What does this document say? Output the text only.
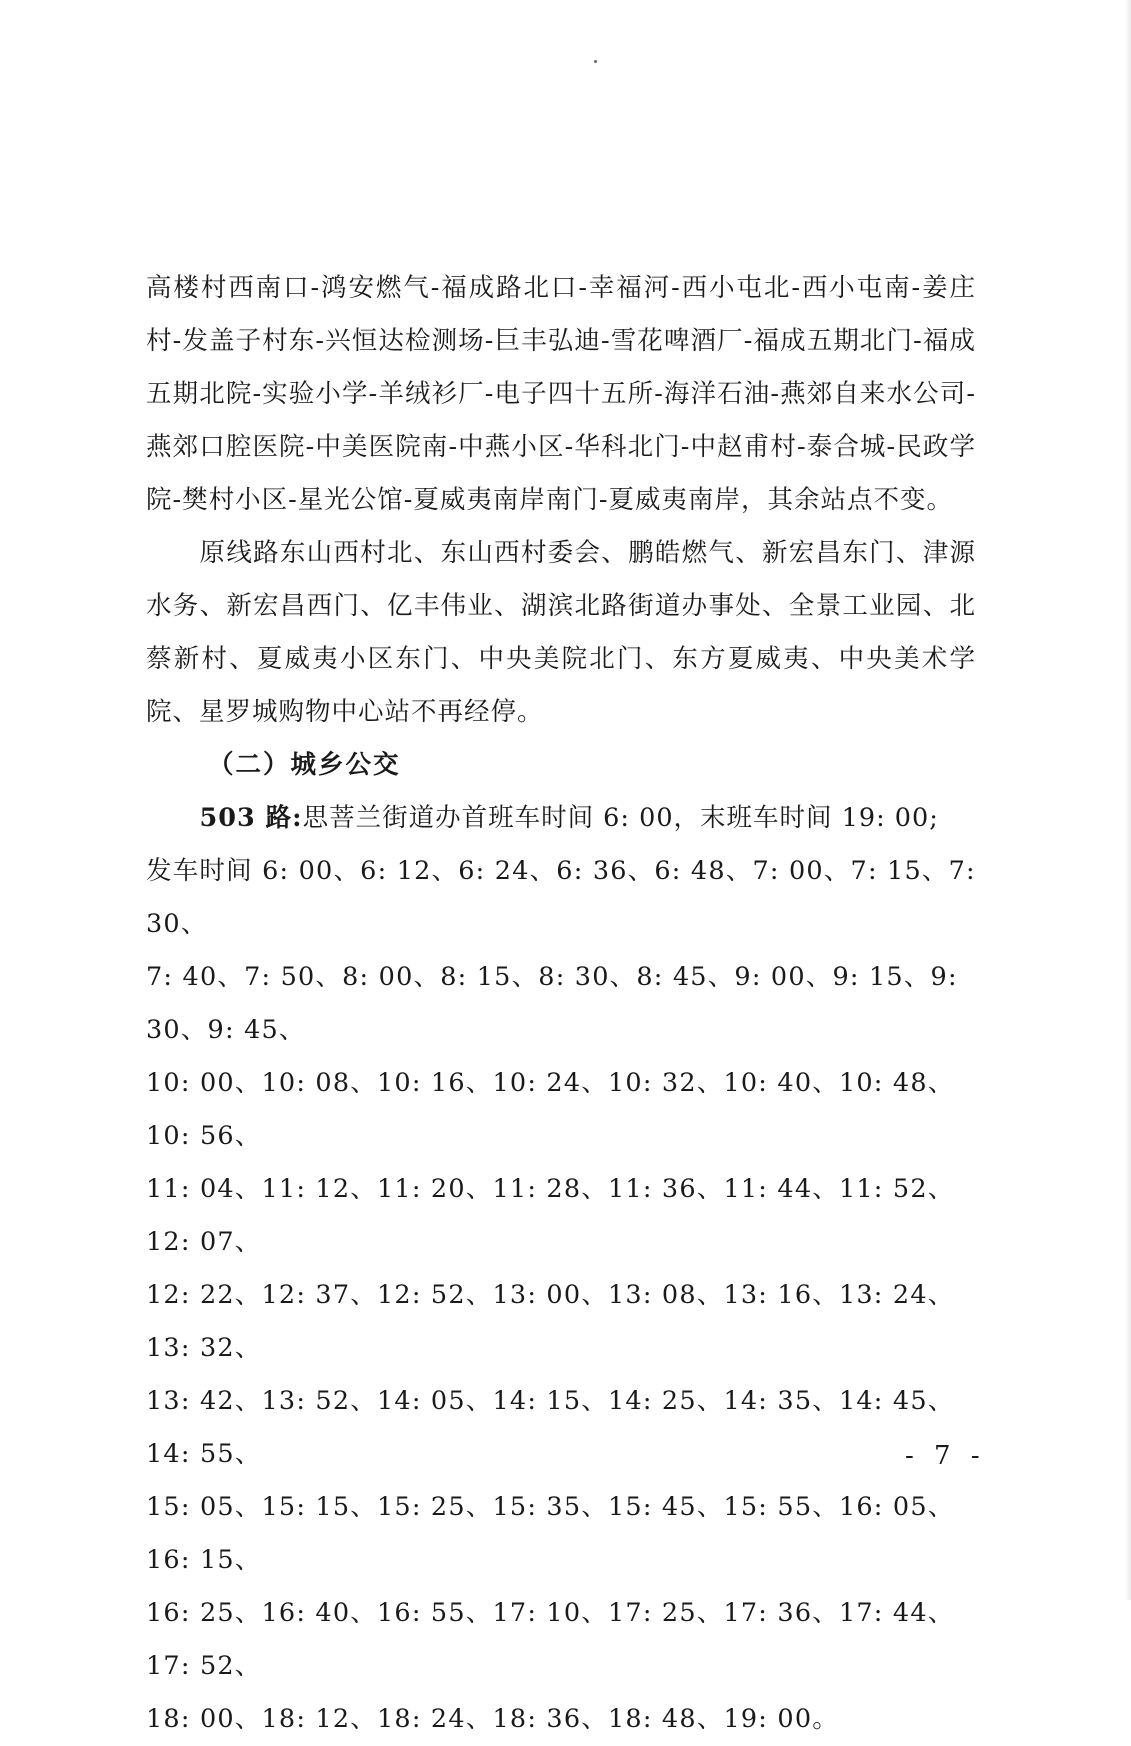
高楼村西南口-鸿安燃气-福成路北口-幸福河-西小屯北-西小屯南-姜庄村-发盖子村东-兴恒达检测场-巨丰弘迪-雪花啤酒厂-福成五期北门-福成五期北院-实验小学-羊绒衫厂-电子四十五所-海洋石油-燕郊自来水公司-燕郊口腔医院-中美医院南-中燕小区-华科北门-中赵甫村-泰合城-民政学院-樊村小区-星光公馆-夏威夷南岸南门-夏威夷南岸，其余站点不变。

原线路东山西村北、东山西村委会、鹏皓燃气、新宏昌东门、津源水务、新宏昌西门、亿丰伟业、湖滨北路街道办事处、全景工业园、北蔡新村、夏威夷小区东门、中央美院北门、东方夏威夷、中央美术学院、星罗城购物中心站不再经停。

（二）城乡公交

503 路:思菩兰街道办首班车时间 6: 00，末班车时间 19: 00;

发车时间 6: 00、6: 12、6: 24、6: 36、6: 48、7: 00、7: 15、7: 30、

7: 40、7: 50、8: 00、8: 15、8: 30、8: 45、9: 00、9: 15、9: 30、9: 45、

10: 00、10: 08、10: 16、10: 24、10: 32、10: 40、10: 48、10: 56、

11: 04、11: 12、11: 20、11: 28、11: 36、11: 44、11: 52、12: 07、

12: 22、12: 37、12: 52、13: 00、13: 08、13: 16、13: 24、13: 32、

13: 42、13: 52、14: 05、14: 15、14: 25、14: 35、14: 45、14: 55、

15: 05、15: 15、15: 25、15: 35、15: 45、15: 55、16: 05、16: 15、

16: 25、16: 40、16: 55、17: 10、17: 25、17: 36、17: 44、17: 52、

18: 00、18: 12、18: 24、18: 36、18: 48、19: 00。

- 7 -
